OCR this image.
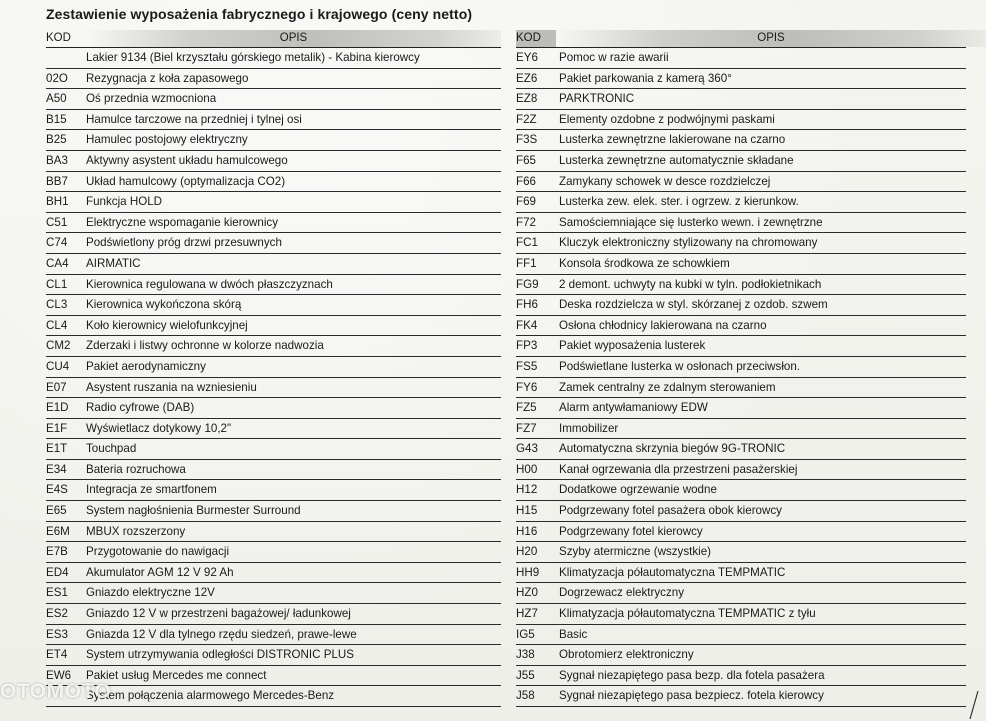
Zestawienie wyposażenia fabrycznego i krajowego (ceny netto)
KOD	OPIS
Lakier 9134 (Biel krzyształu górskiego metalik) - Kabina kierowcy
02O	Rezygnacja z koła zapasowego
A50	Oś przednia wzmocniona
B15	Hamulce tarczowe na przedniej i tylnej osi
B25	Hamulec postojowy elektryczny
BA3	Aktywny asystent układu hamulcowego
BB7	Układ hamulcowy (optymalizacja CO2)
BH1	Funkcja HOLD
C51	Elektryczne wspomaganie kierownicy
C74	Podświetlony próg drzwi przesuwnych
CA4	AIRMATIC
CL1	Kierownica regulowana w dwóch płaszczyznach
CL3	Kierownica wykończona skórą
CL4	Koło kierownicy wielofunkcyjnej
CM2	Zderzaki i listwy ochronne w kolorze nadwozia
CU4	Pakiet aerodynamiczny
E07	Asystent ruszania na wzniesieniu
E1D	Radio cyfrowe (DAB)
E1F	Wyświetlacz dotykowy 10,2"
E1T	Touchpad
E34	Bateria rozruchowa
E4S	Integracja ze smartfonem
E65	System nagłośnienia Burmester Surround
E6M	MBUX rozszerzony
E7B	Przygotowanie do nawigacji
ED4	Akumulator AGM 12 V 92 Ah
ES1	Gniazdo elektryczne 12V
ES2	Gniazdo 12 V w przestrzeni bagażowej/ ładunkowej
ES3	Gniazda 12 V dla tylnego rzędu siedzeń, prawe-lewe
ET4	System utrzymywania odległości DISTRONIC PLUS
EW6	Pakiet usług Mercedes me connect
System połączenia alarmowego Mercedes-Benz
KOD	OPIS
EY6	Pomoc w razie awarii
EZ6	Pakiet parkowania z kamerą 360°
EZ8	PARKTRONIC
F2Z	Elementy ozdobne z podwójnymi paskami
F3S	Lusterka zewnętrzne lakierowane na czarno
F65	Lusterka zewnętrzne automatycznie składane
F66	Zamykany schowek w desce rozdzielczej
F69	Lusterka zew. elek. ster. i ogrzew. z kierunkow.
F72	Samościemniające się lusterko wewn. i zewnętrzne
FC1	Kluczyk elektroniczny stylizowany na chromowany
FF1	Konsola środkowa ze schowkiem
FG9	2 demont. uchwyty na kubki w tyln. podłokietnikach
FH6	Deska rozdzielcza w styl. skórzanej z ozdob. szwem
FK4	Osłona chłodnicy lakierowana na czarno
FP3	Pakiet wyposażenia lusterek
FS5	Podświetlane lusterka w osłonach przeciwsłon.
FY6	Zamek centralny ze zdalnym sterowaniem
FZ5	Alarm antywłamaniowy EDW
FZ7	Immobilizer
G43	Automatyczna skrzynia biegów 9G-TRONIC
H00	Kanał ogrzewania dla przestrzeni pasażerskiej
H12	Dodatkowe ogrzewanie wodne
H15	Podgrzewany fotel pasażera obok kierowcy
H16	Podgrzewany fotel kierowcy
H20	Szyby atermiczne (wszystkie)
HH9	Klimatyzacja półautomatyczna TEMPMATIC
HZ0	Dogrzewacz elektryczny
HZ7	Klimatyzacja półautomatyczna TEMPMATIC z tyłu
IG5	Basic
J38	Obrotomierz elektroniczny
J55	Sygnał niezapiętego pasa bezp. dla fotela pasażera
J58	Sygnał niezapiętego pasa bezpiecz. fotela kierowcy
OTOMOTO
